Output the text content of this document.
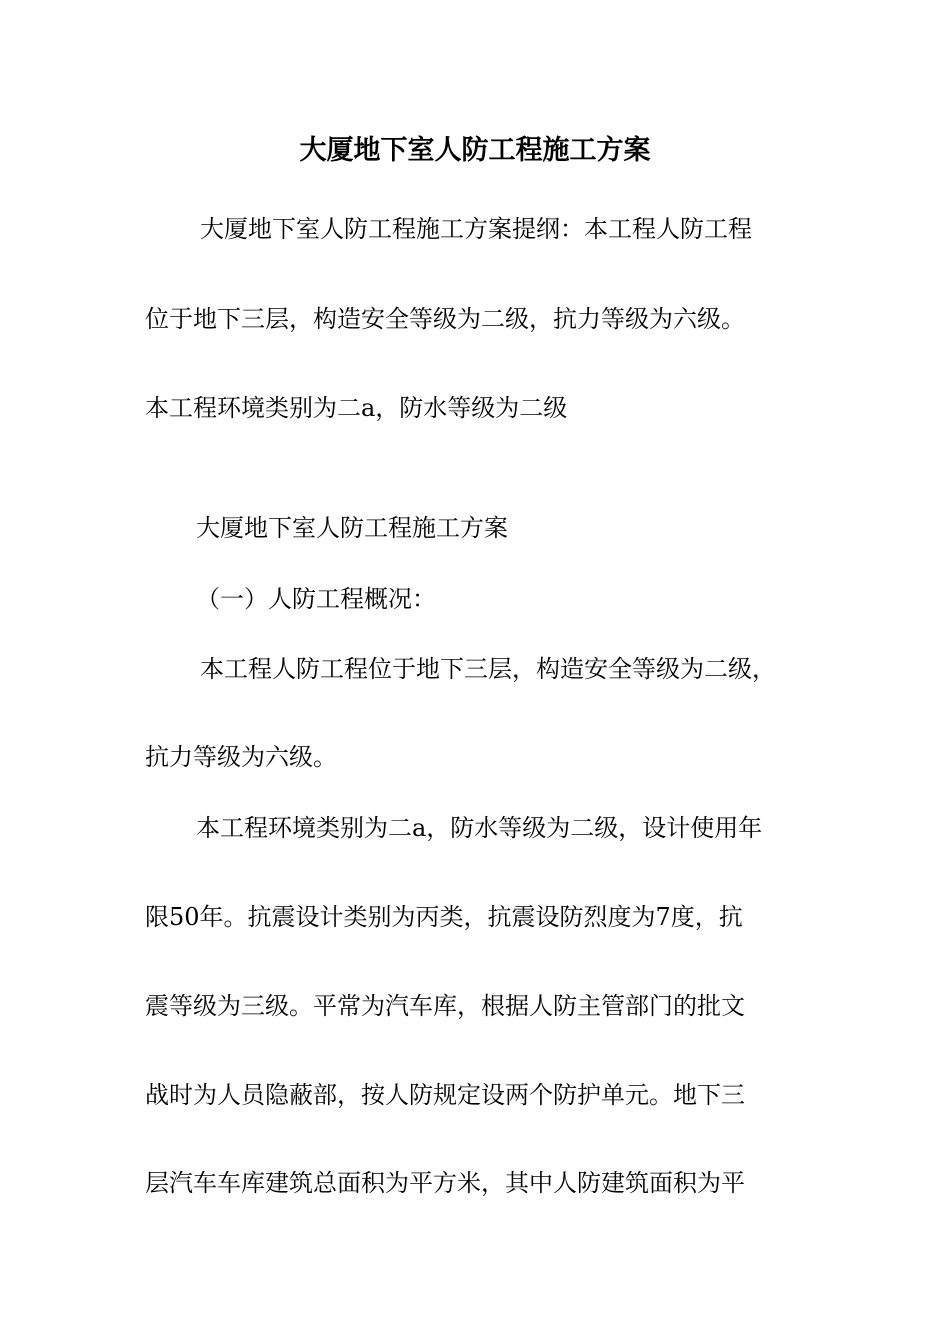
大厦地下室人防工程施工方案

大厦地下室人防工程施工方案提纲：本工程人防工程

位于地下三层，构造安全等级为二级，抗力等级为六级。

本工程环境类别为二a，防水等级为二级

大厦地下室人防工程施工方案

（一）人防工程概况：

本工程人防工程位于地下三层，构造安全等级为二级，

抗力等级为六级。

本工程环境类别为二a，防水等级为二级，设计使用年

限50年。抗震设计类别为丙类，抗震设防烈度为7度，抗

震等级为三级。平常为汽车库，根据人防主管部门的批文

战时为人员隐蔽部，按人防规定设两个防护单元。地下三

层汽车车库建筑总面积为平方米，其中人防建筑面积为平
